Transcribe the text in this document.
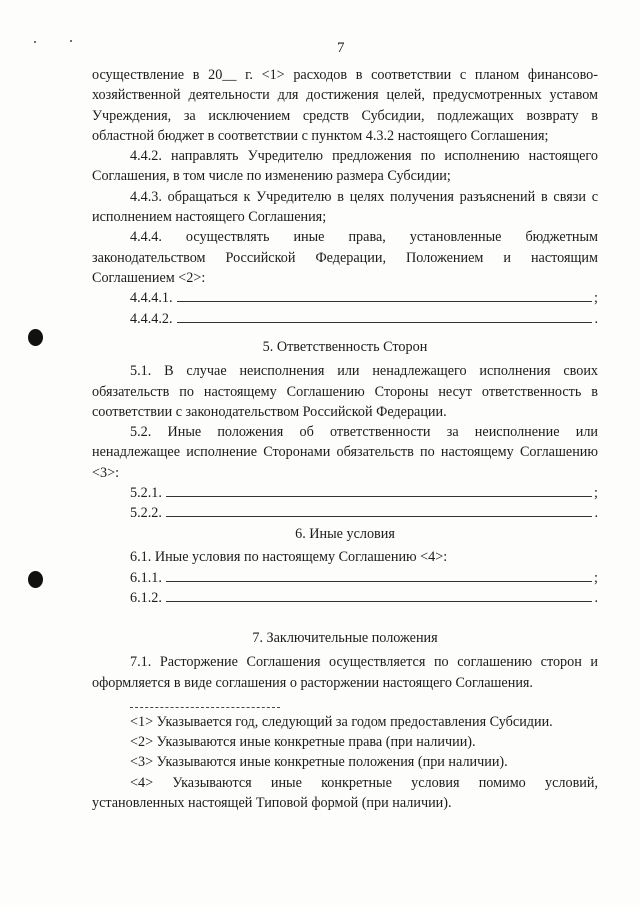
7

осуществление в 20__ г. <1> расходов в соответствии с планом финансово-хозяйственной деятельности для достижения целей, предусмотренных уставом Учреждения, за исключением средств Субсидии, подлежащих возврату в областной бюджет в соответствии с пунктом 4.3.2 настоящего Соглашения;

4.4.2. направлять Учредителю предложения по исполнению настоящего Соглашения, в том числе по изменению размера Субсидии;

4.4.3. обращаться к Учредителю в целях получения разъяснений в связи с исполнением настоящего Соглашения;

4.4.4. осуществлять иные права, установленные бюджетным законодательством Российской Федерации, Положением и настоящим Соглашением <2>:

4.4.4.1.	;
4.4.4.2.	.

5. Ответственность Сторон

5.1. В случае неисполнения или ненадлежащего исполнения своих обязательств по настоящему Соглашению Стороны несут ответственность в соответствии с законодательством Российской Федерации.

5.2. Иные положения об ответственности за неисполнение или ненадлежащее исполнение Сторонами обязательств по настоящему Соглашению <3>:

5.2.1.	;
5.2.2.	.

6. Иные условия

6.1. Иные условия по настоящему Соглашению <4>:

6.1.1.	;
6.1.2.	.

7. Заключительные положения

7.1. Расторжение Соглашения осуществляется по соглашению сторон и оформляется в виде соглашения о расторжении настоящего Соглашения.

<1> Указывается год, следующий за годом предоставления Субсидии.

<2> Указываются иные конкретные права (при наличии).

<3> Указываются иные конкретные положения (при наличии).

<4> Указываются иные конкретные условия помимо условий, установленных настоящей Типовой формой (при наличии).
